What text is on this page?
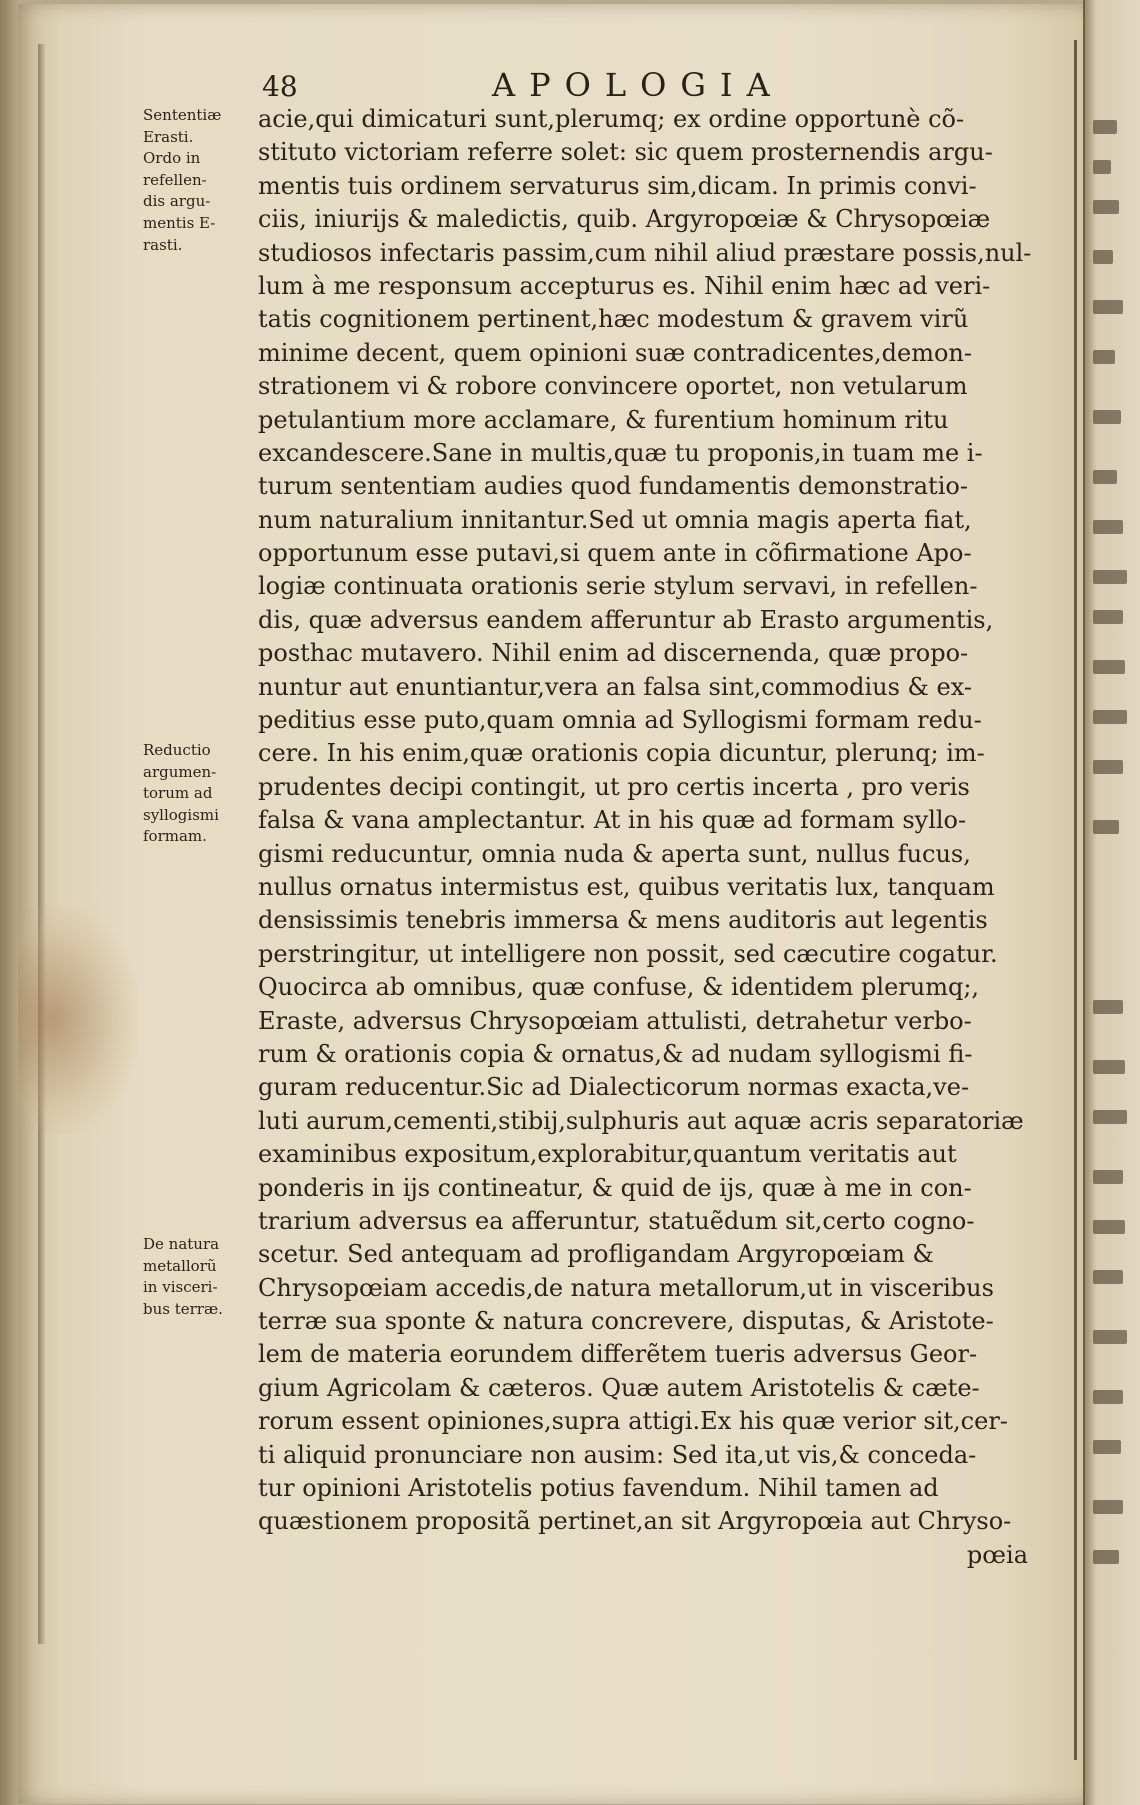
48	APOLOGIA
Sententiæ
Erasti.
Ordo in
refellen-
dis argu-
mentis E-
rasti.
Reductio
argumen-
torum ad
syllogismi
formam.
De natura
metallorũ
in visceri-
bus terræ.
acie,qui dimicaturi sunt,plerumq; ex ordine opportunè cõ-
stituto victoriam referre solet: sic quem prosternendis argu-
mentis tuis ordinem servaturus sim,dicam. In primis convi-
ciis, iniurijs & maledictis, quib. Argyropœiæ & Chrysopœiæ
studiosos infectaris passim,cum nihil aliud præstare possis,nul-
lum à me responsum accepturus es. Nihil enim hæc ad veri-
tatis cognitionem pertinent,hæc modestum & gravem virũ
minime decent, quem opinioni suæ contradicentes,demon-
strationem vi & robore convincere oportet, non vetularum
petulantium more acclamare, & furentium hominum ritu
excandescere.Sane in multis,quæ tu proponis,in tuam me i-
turum sententiam audies quod fundamentis demonstratio-
num naturalium innitantur.Sed ut omnia magis aperta fiat,
opportunum esse putavi,si quem ante in cõfirmatione Apo-
logiæ continuata orationis serie stylum servavi, in refellen-
dis, quæ adversus eandem afferuntur ab Erasto argumentis,
posthac mutavero. Nihil enim ad discernenda, quæ propo-
nuntur aut enuntiantur,vera an falsa sint,commodius & ex-
peditius esse puto,quam omnia ad Syllogismi formam redu-
cere. In his enim,quæ orationis copia dicuntur, plerunq; im-
prudentes decipi contingit, ut pro certis incerta , pro veris
falsa & vana amplectantur. At in his quæ ad formam syllo-
gismi reducuntur, omnia nuda & aperta sunt, nullus fucus,
nullus ornatus intermistus est, quibus veritatis lux, tanquam
densissimis tenebris immersa & mens auditoris aut legentis
perstringitur, ut intelligere non possit, sed cæcutire cogatur.
Quocirca ab omnibus, quæ confuse, & identidem plerumq;,
Eraste, adversus Chrysopœiam attulisti, detrahetur verbo-
rum & orationis copia & ornatus,& ad nudam syllogismi fi-
guram reducentur.Sic ad Dialecticorum normas exacta,ve-
luti aurum,cementi,stibij,sulphuris aut aquæ acris separatoriæ
examinibus expositum,explorabitur,quantum veritatis aut
ponderis in ijs contineatur, & quid de ijs, quæ à me in con-
trarium adversus ea afferuntur, statuẽdum sit,certo cogno-
scetur. Sed antequam ad profligandam Argyropœiam &
Chrysopœiam accedis,de natura metallorum,ut in visceribus
terræ sua sponte & natura concrevere, disputas, & Aristote-
lem de materia eorundem differẽtem tueris adversus Geor-
gium Agricolam & cæteros. Quæ autem Aristotelis & cæte-
rorum essent opiniones,supra attigi.Ex his quæ verior sit,cer-
ti aliquid pronunciare non ausim: Sed ita,ut vis,& conceda-
tur opinioni Aristotelis potius favendum. Nihil tamen ad
quæstionem propositã pertinet,an sit Argyropœia aut Chryso-
pœia
